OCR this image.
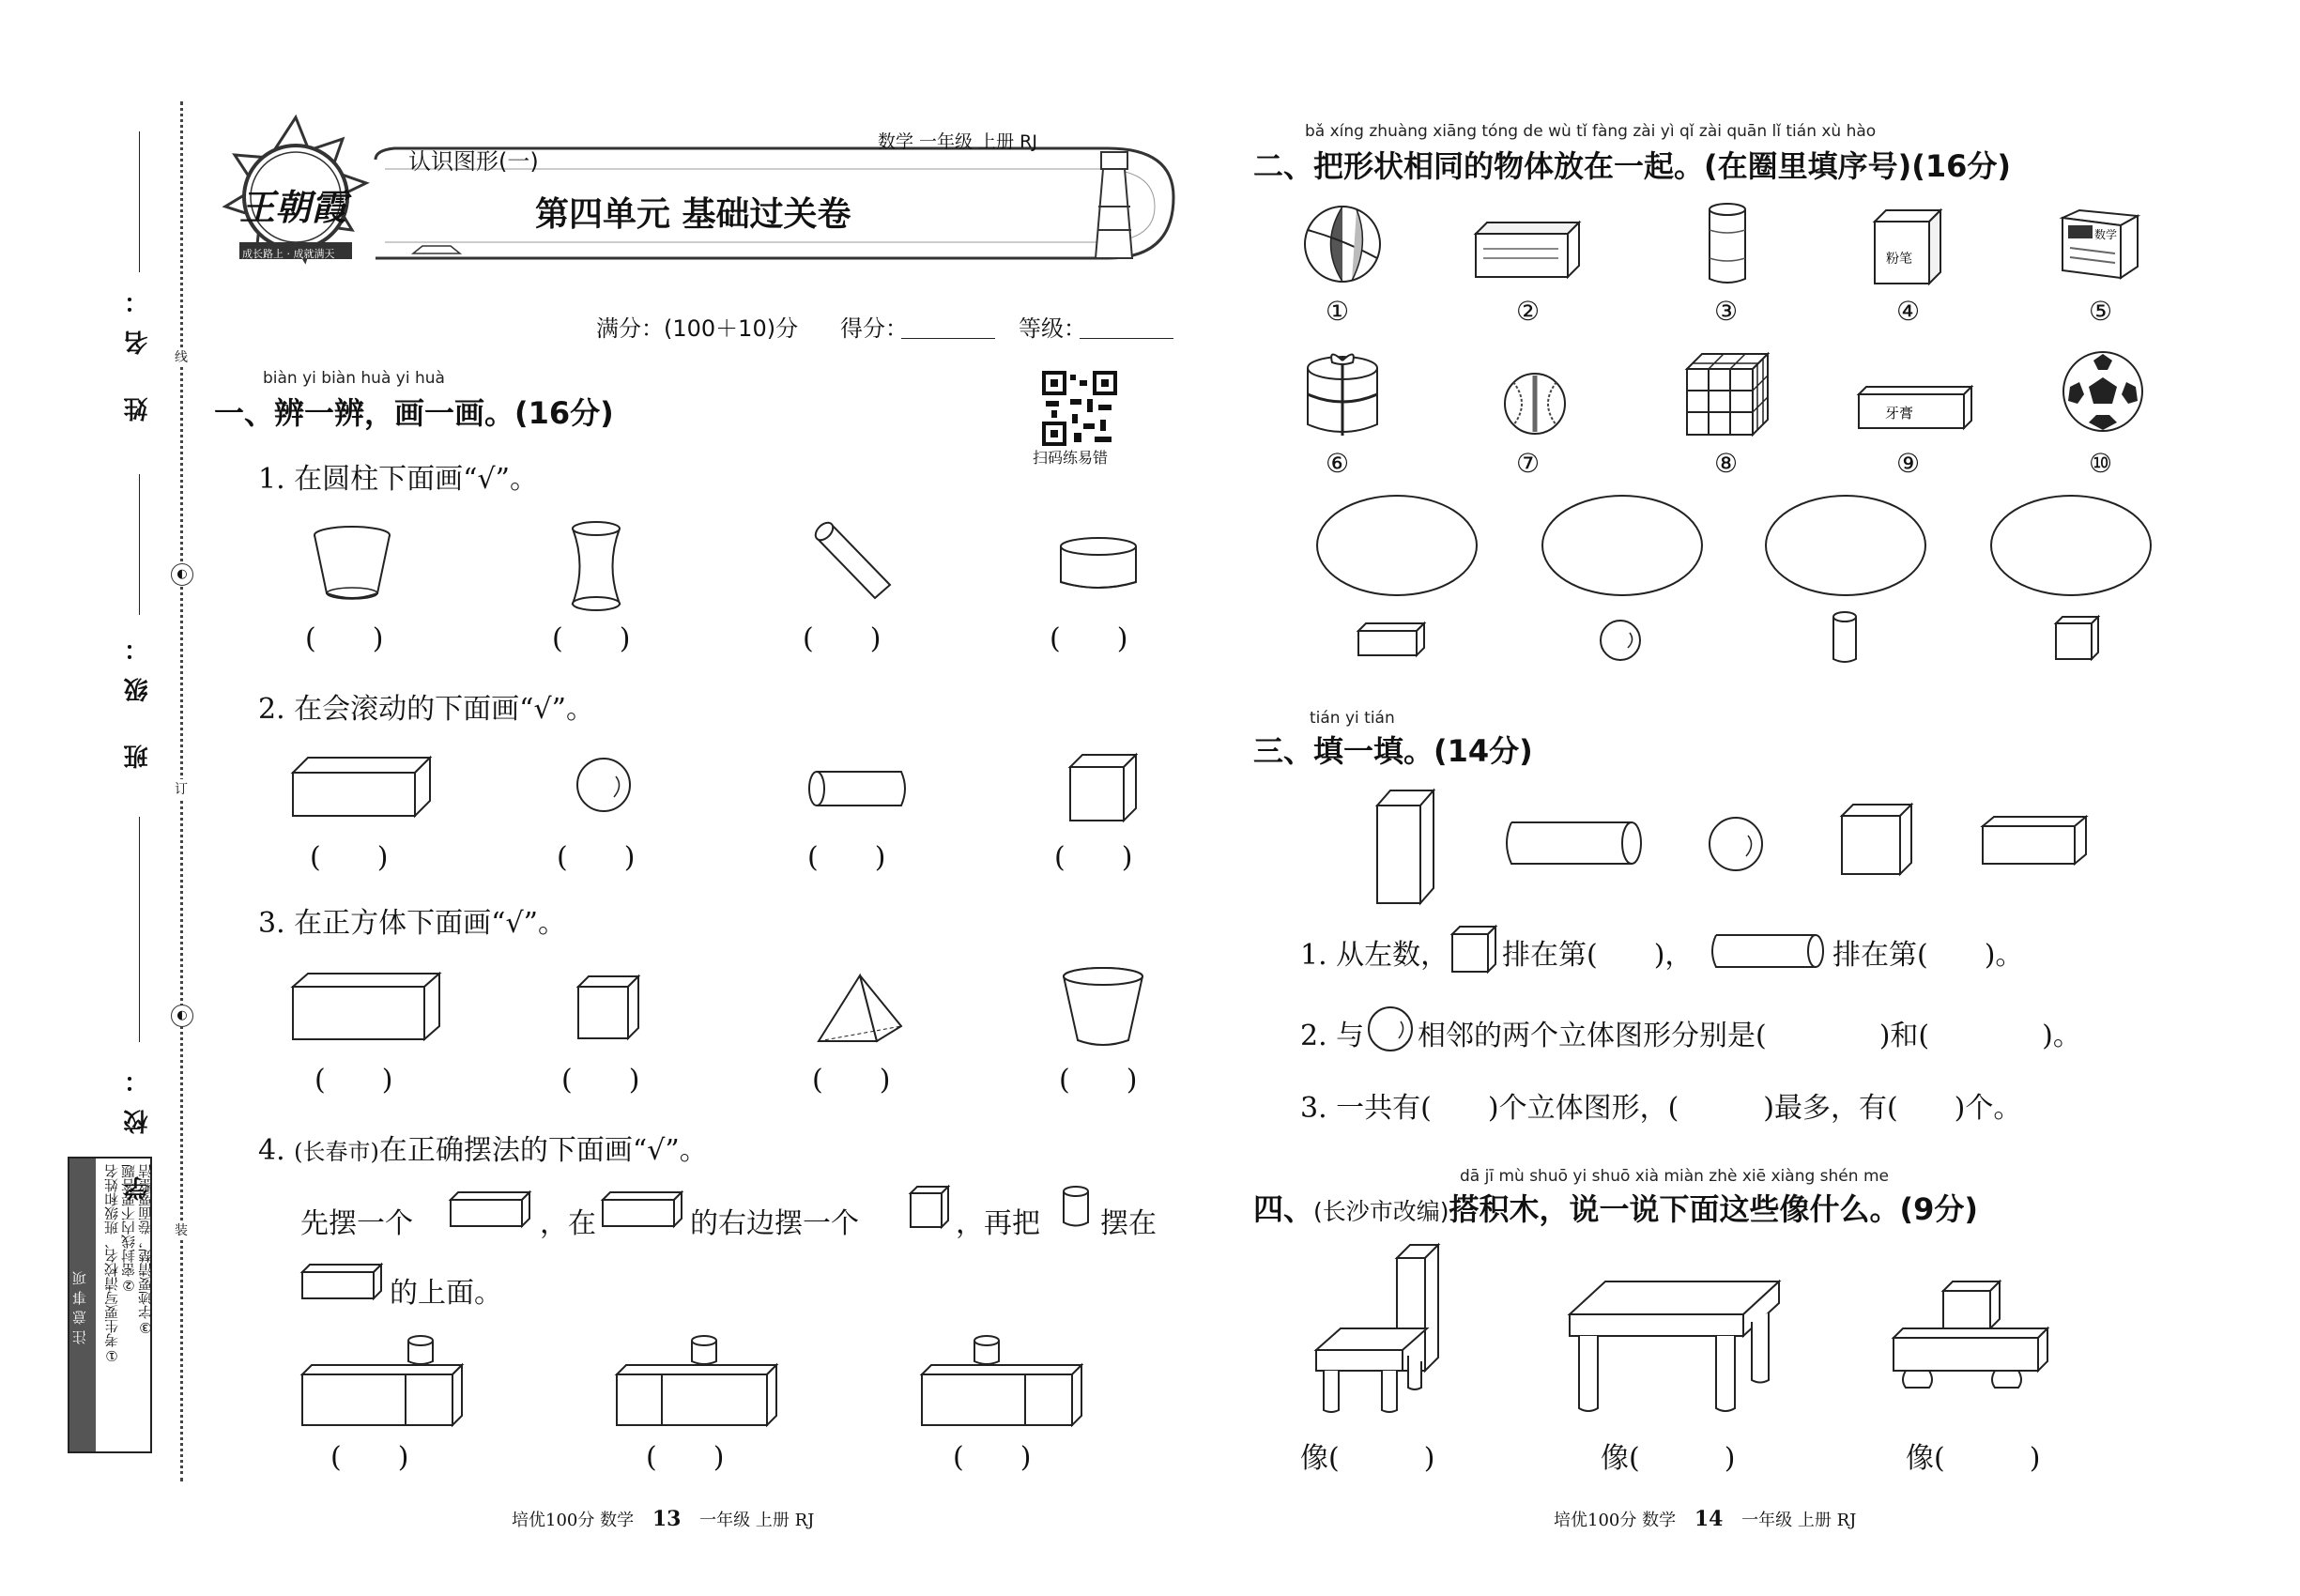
姓 名：
班 级：
学 校：
注意事项	①考生要写清校名、班级和姓名 ②密封线内不要答题 ③字迹要清楚，卷面要整洁
线
◐
订
◐
装
王朝霞
成长路上 · 成就满天
认识图形(一)
数学 一年级 上册 RJ
第四单元 基础过关卷
满分：(100＋10)分 得分：	等级：
扫码练易错
biàn yi biàn huà yi huà
一、辨一辨，画一画。(16分)
1. 在圆柱下面画“√”。
(　　)	(　　)	(　　)	(　　)
2. 在会滚动的下面画“√”。
(　　)	(　　)	(　　)	(　　)
3. 在正方体下面画“√”。
(　　)	(　　)	(　　)	(　　)
4. (长春市)在正确摆法的下面画“√”。
先摆一个	，在	的右边摆一个	，再把 摆在
的上面。
(　　)	(　　)	(　　)
bǎ xíng zhuàng xiāng tóng de wù tǐ fàng zài yì qǐ zài quān lǐ tián xù hào
二、把形状相同的物体放在一起。(在圈里填序号)(16分)
粉笔
数学
①	②	③	④	⑤
牙膏
⑥	⑦	⑧	⑨	⑩
tián yi tián
三、填一填。(14分)
1. 从左数， 排在第(　　)，	排在第(　　)。
2. 与 相邻的两个立体图形分别是(　　　　)和(　　　　)。
3. 一共有(　　)个立体图形，(　　　)最多，有(　　)个。
dā jī mù shuō yi shuō xià miàn zhè xiē xiàng shén me
四、(长沙市改编)搭积木，说一说下面这些像什么。(9分)
像(　　　)	像(　　　)	像(　　　)
培优100分 数学 13 一年级 上册 RJ	培优100分 数学 14 一年级 上册 RJ
